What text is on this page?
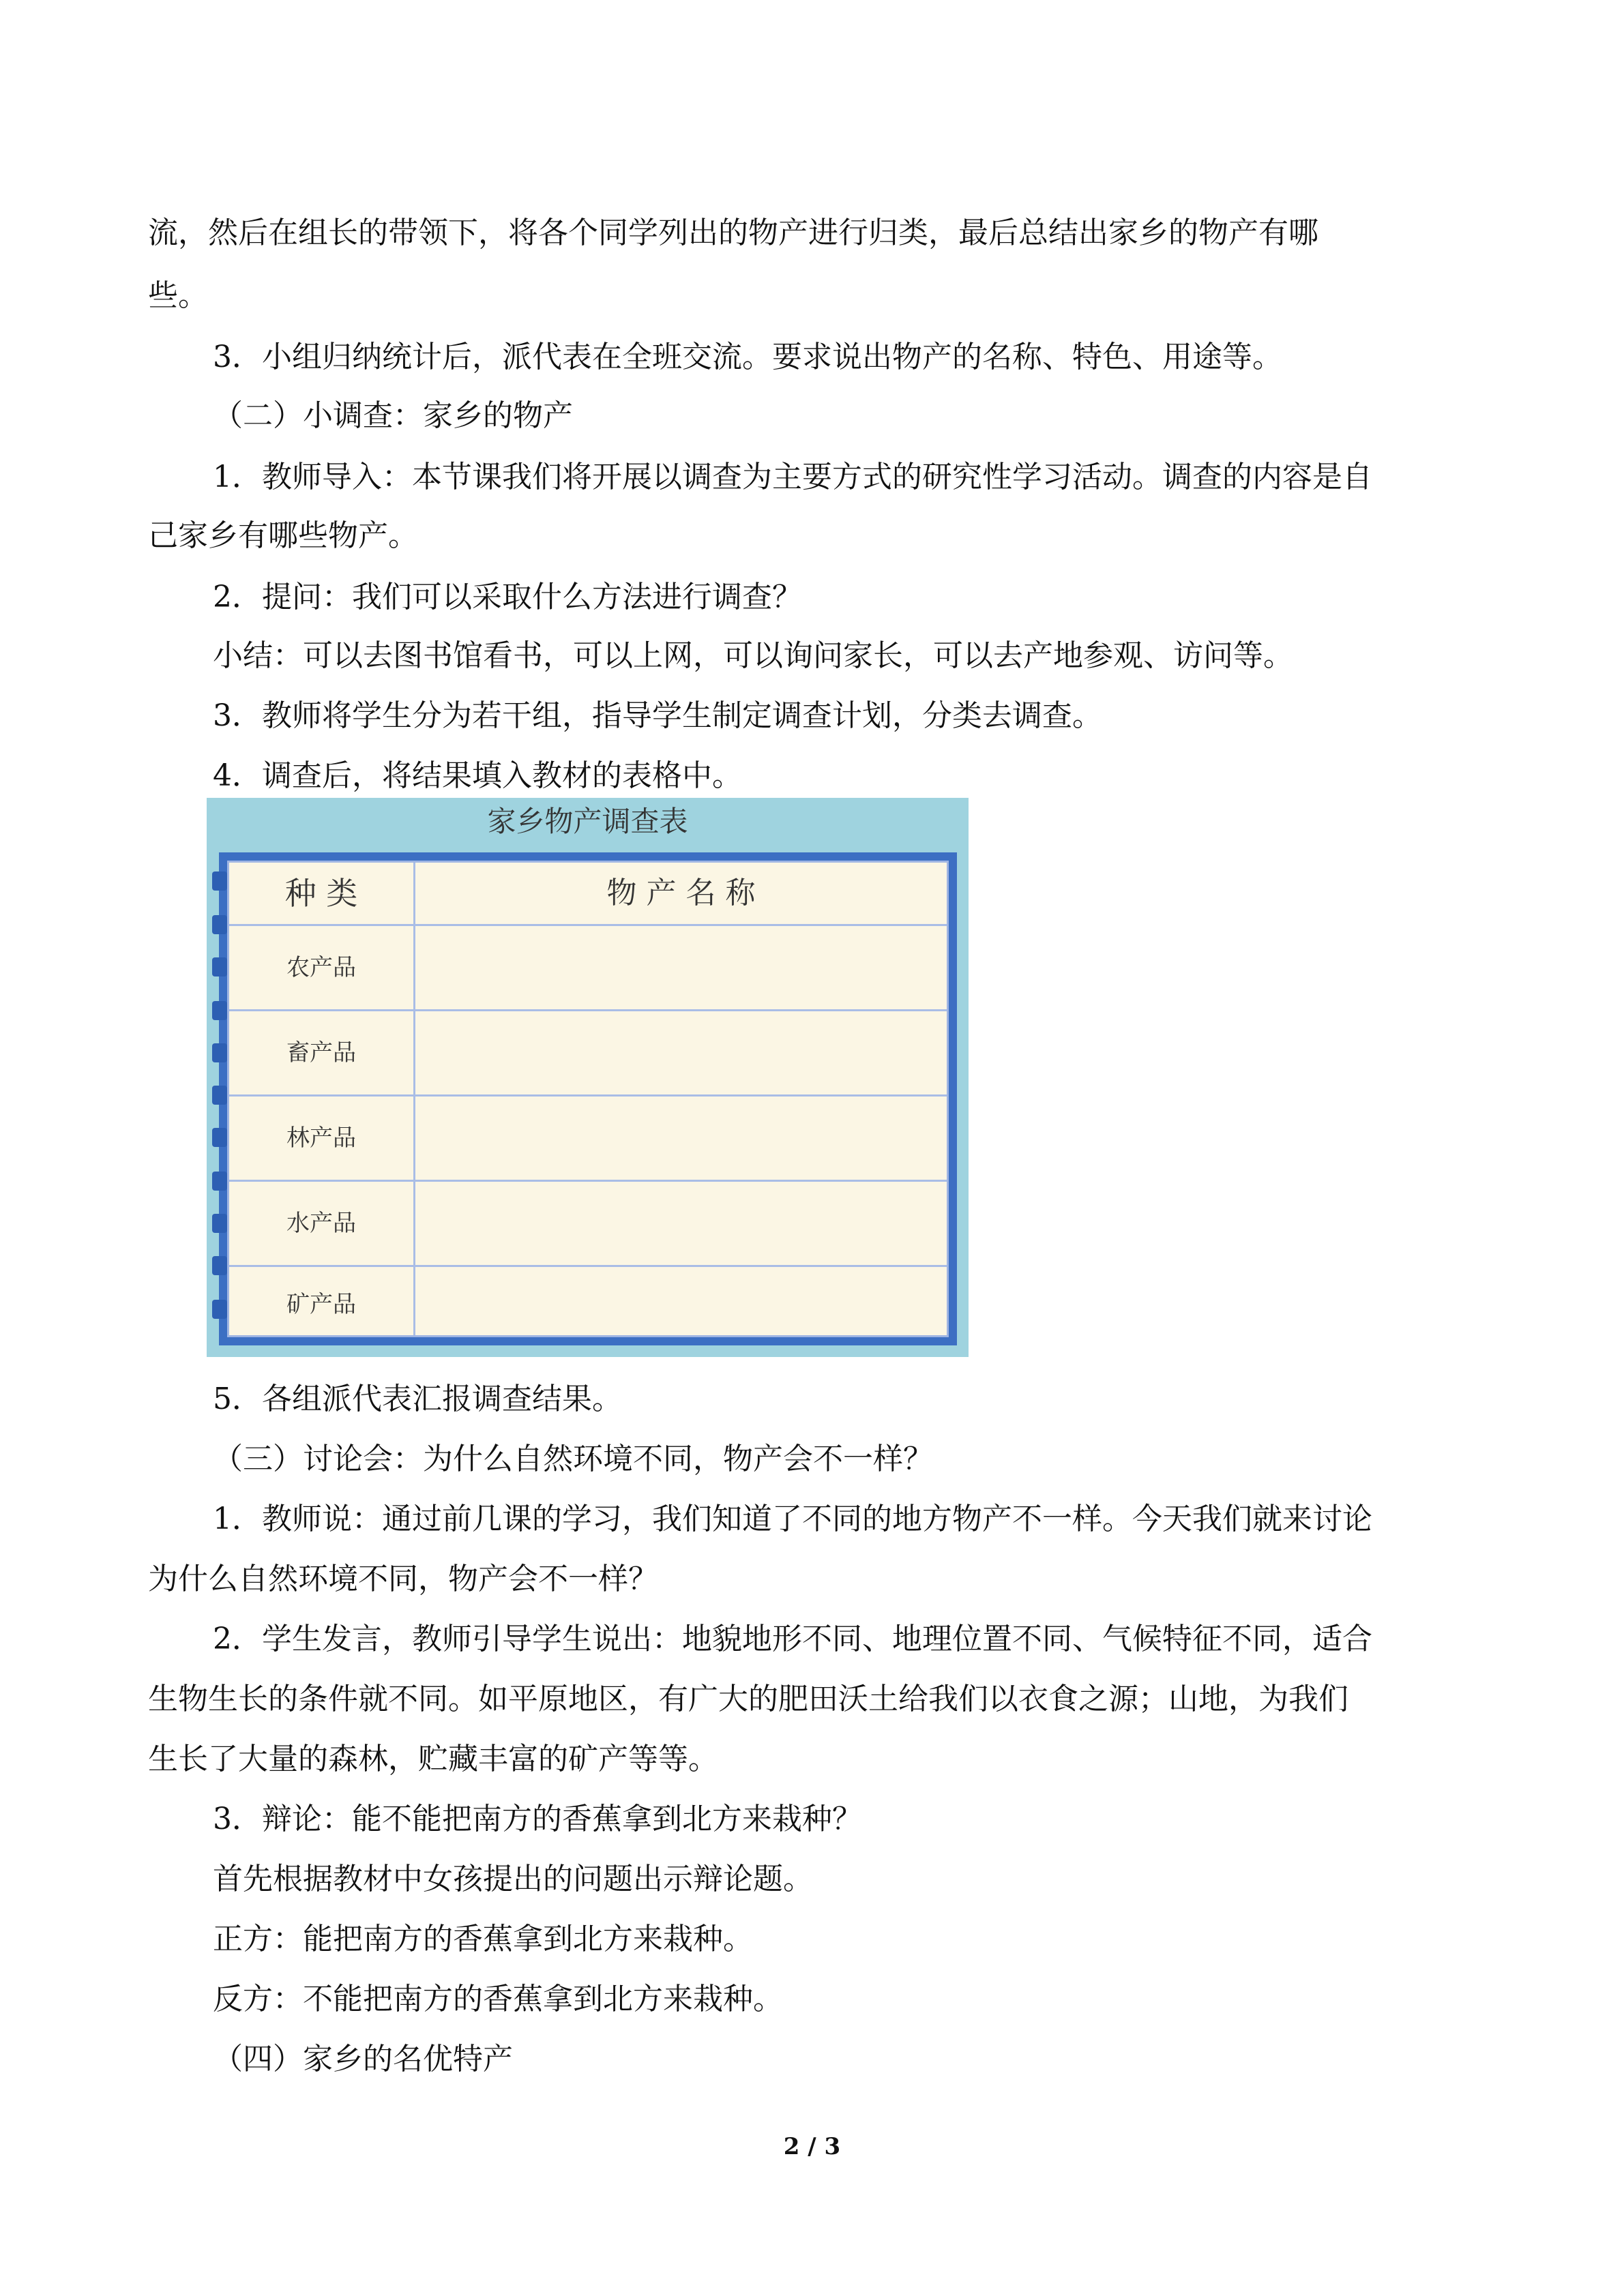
流，然后在组长的带领下，将各个同学列出的物产进行归类，最后总结出家乡的物产有哪
些。
3．小组归纳统计后，派代表在全班交流。要求说出物产的名称、特色、用途等。
（二）小调查：家乡的物产
1．教师导入：本节课我们将开展以调查为主要方式的研究性学习活动。调查的内容是自
己家乡有哪些物产。
2．提问：我们可以采取什么方法进行调查？
小结：可以去图书馆看书，可以上网，可以询问家长，可以去产地参观、访问等。
3．教师将学生分为若干组，指导学生制定调查计划，分类去调查。
4．调查后，将结果填入教材的表格中。
家乡物产调查表
种 类	物 产 名 称
农产品
畜产品
林产品
水产品
矿产品
5．各组派代表汇报调查结果。
（三）讨论会：为什么自然环境不同，物产会不一样？
1．教师说：通过前几课的学习，我们知道了不同的地方物产不一样。今天我们就来讨论
为什么自然环境不同，物产会不一样？
2．学生发言，教师引导学生说出：地貌地形不同、地理位置不同、气候特征不同，适合
生物生长的条件就不同。如平原地区，有广大的肥田沃土给我们以衣食之源；山地，为我们
生长了大量的森林，贮藏丰富的矿产等等。
3．辩论：能不能把南方的香蕉拿到北方来栽种？
首先根据教材中女孩提出的问题出示辩论题。
正方：能把南方的香蕉拿到北方来栽种。
反方：不能把南方的香蕉拿到北方来栽种。
（四）家乡的名优特产
2 / 3
